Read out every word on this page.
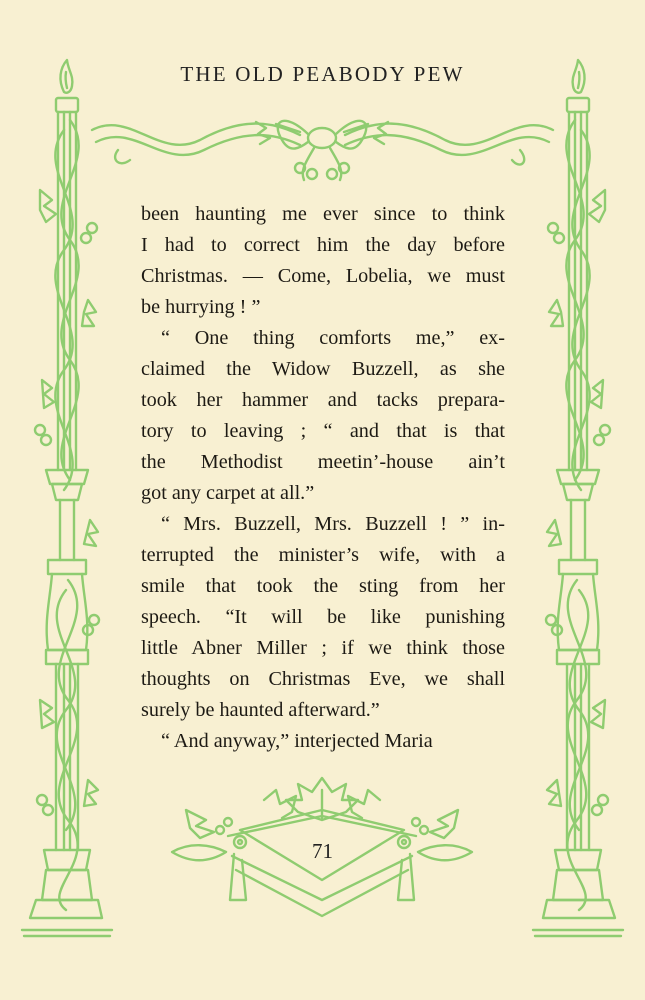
THE OLD PEABODY PEW
been haunting me ever since to think
I had to correct him the day before
Christmas. — Come, Lobelia, we must
be hurrying ! ”
“ One thing comforts me,” ex-
claimed the Widow Buzzell, as she
took her hammer and tacks prepara-
tory to leaving ; “ and that is that
the Methodist meetin’-house ain’t
got any carpet at all.”
“ Mrs. Buzzell, Mrs. Buzzell ! ” in-
terrupted the minister’s wife, with a
smile that took the sting from her
speech. “It will be like punishing
little Abner Miller ; if we think those
thoughts on Christmas Eve, we shall
surely be haunted afterward.”
“ And anyway,” interjected Maria
71
